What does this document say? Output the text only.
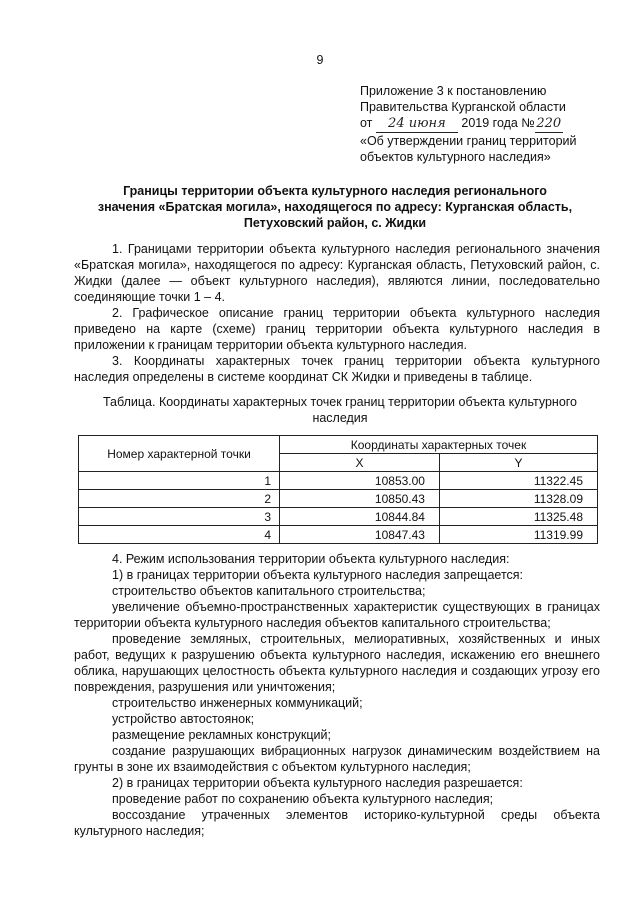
9
Приложение 3 к постановлению
Правительства Курганской области
от 24 июня 2019 года № 220
«Об утверждении границ территорий
объектов культурного наследия»
Границы территории объекта культурного наследия регионального
значения «Братская могила», находящегося по адресу: Курганская область,
Петуховский район, с. Жидки

1. Границами территории объекта культурного наследия регионального значения «Братская могила», находящегося по адресу: Курганская область, Петуховский район, с. Жидки (далее — объект культурного наследия), являются линии, последовательно соединяющие точки 1 – 4.

2. Графическое описание границ территории объекта культурного наследия приведено на карте (схеме) границ территории объекта культурного наследия в приложении к границам территории объекта культурного наследия.

3. Координаты характерных точек границ территории объекта культурного наследия определены в системе координат СК Жидки и приведены в таблице.

Таблица. Координаты характерных точек границ территории объекта культурного
наследия
Номер характерной точки	Координаты характерных точек	
	X	Y
1	10853.00	11322.45
2	10850.43	11328.09
3	10844.84	11325.48
4	10847.43	11319.99

4. Режим использования территории объекта культурного наследия:

1) в границах территории объекта культурного наследия запрещается:

строительство объектов капитального строительства;

увеличение объемно-пространственных характеристик существующих в границах территории объекта культурного наследия объектов капитального строительства;

проведение земляных, строительных, мелиоративных, хозяйственных и иных работ, ведущих к разрушению объекта культурного наследия, искажению его внешнего облика, нарушающих целостность объекта культурного наследия и создающих угрозу его повреждения, разрушения или уничтожения;

строительство инженерных коммуникаций;

устройство автостоянок;

размещение рекламных конструкций;

создание разрушающих вибрационных нагрузок динамическим воздействием на грунты в зоне их взаимодействия с объектом культурного наследия;

2) в границах территории объекта культурного наследия разрешается:

проведение работ по сохранению объекта культурного наследия;

воссоздание утраченных элементов историко-культурной среды объекта культурного наследия;
